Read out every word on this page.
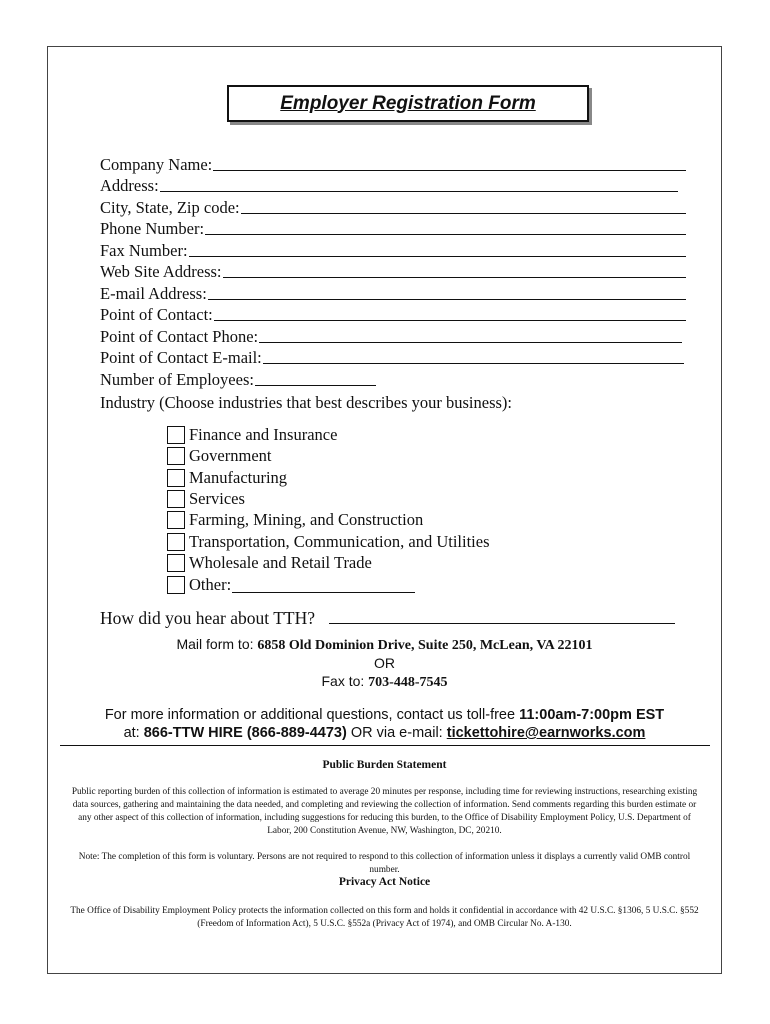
Employer Registration Form
Company Name:
Address:
City, State, Zip code:
Phone Number:
Fax Number:
Web Site Address:
E-mail Address:
Point of Contact:
Point of Contact Phone:
Point of Contact E-mail:
Number of Employees:
Industry (Choose industries that best describes your business):
Finance and Insurance
Government
Manufacturing
Services
Farming, Mining, and Construction
Transportation, Communication, and Utilities
Wholesale and Retail Trade
Other:
How did you hear about TTH?
Mail form to: 6858 Old Dominion Drive, Suite 250, McLean, VA 22101
OR
Fax to: 703-448-7545
For more information or additional questions, contact us toll-free 11:00am-7:00pm EST
at: 866-TTW HIRE (866-889-4473) OR via e-mail: tickettohire@earnworks.com
Public Burden Statement
Public reporting burden of this collection of information is estimated to average 20 minutes per response, including time for reviewing instructions, researching existing data sources, gathering and maintaining the data needed, and completing and reviewing the collection of information. Send comments regarding this burden estimate or any other aspect of this collection of information, including suggestions for reducing this burden, to the Office of Disability Employment Policy, U.S. Department of Labor, 200 Constitution Avenue, NW, Washington, DC, 20210.
Note: The completion of this form is voluntary. Persons are not required to respond to this collection of information unless it displays a currently valid OMB control number.
Privacy Act Notice
The Office of Disability Employment Policy protects the information collected on this form and holds it confidential in accordance with 42 U.S.C. §1306, 5 U.S.C. §552 (Freedom of Information Act), 5 U.S.C. §552a (Privacy Act of 1974), and OMB Circular No. A-130.
